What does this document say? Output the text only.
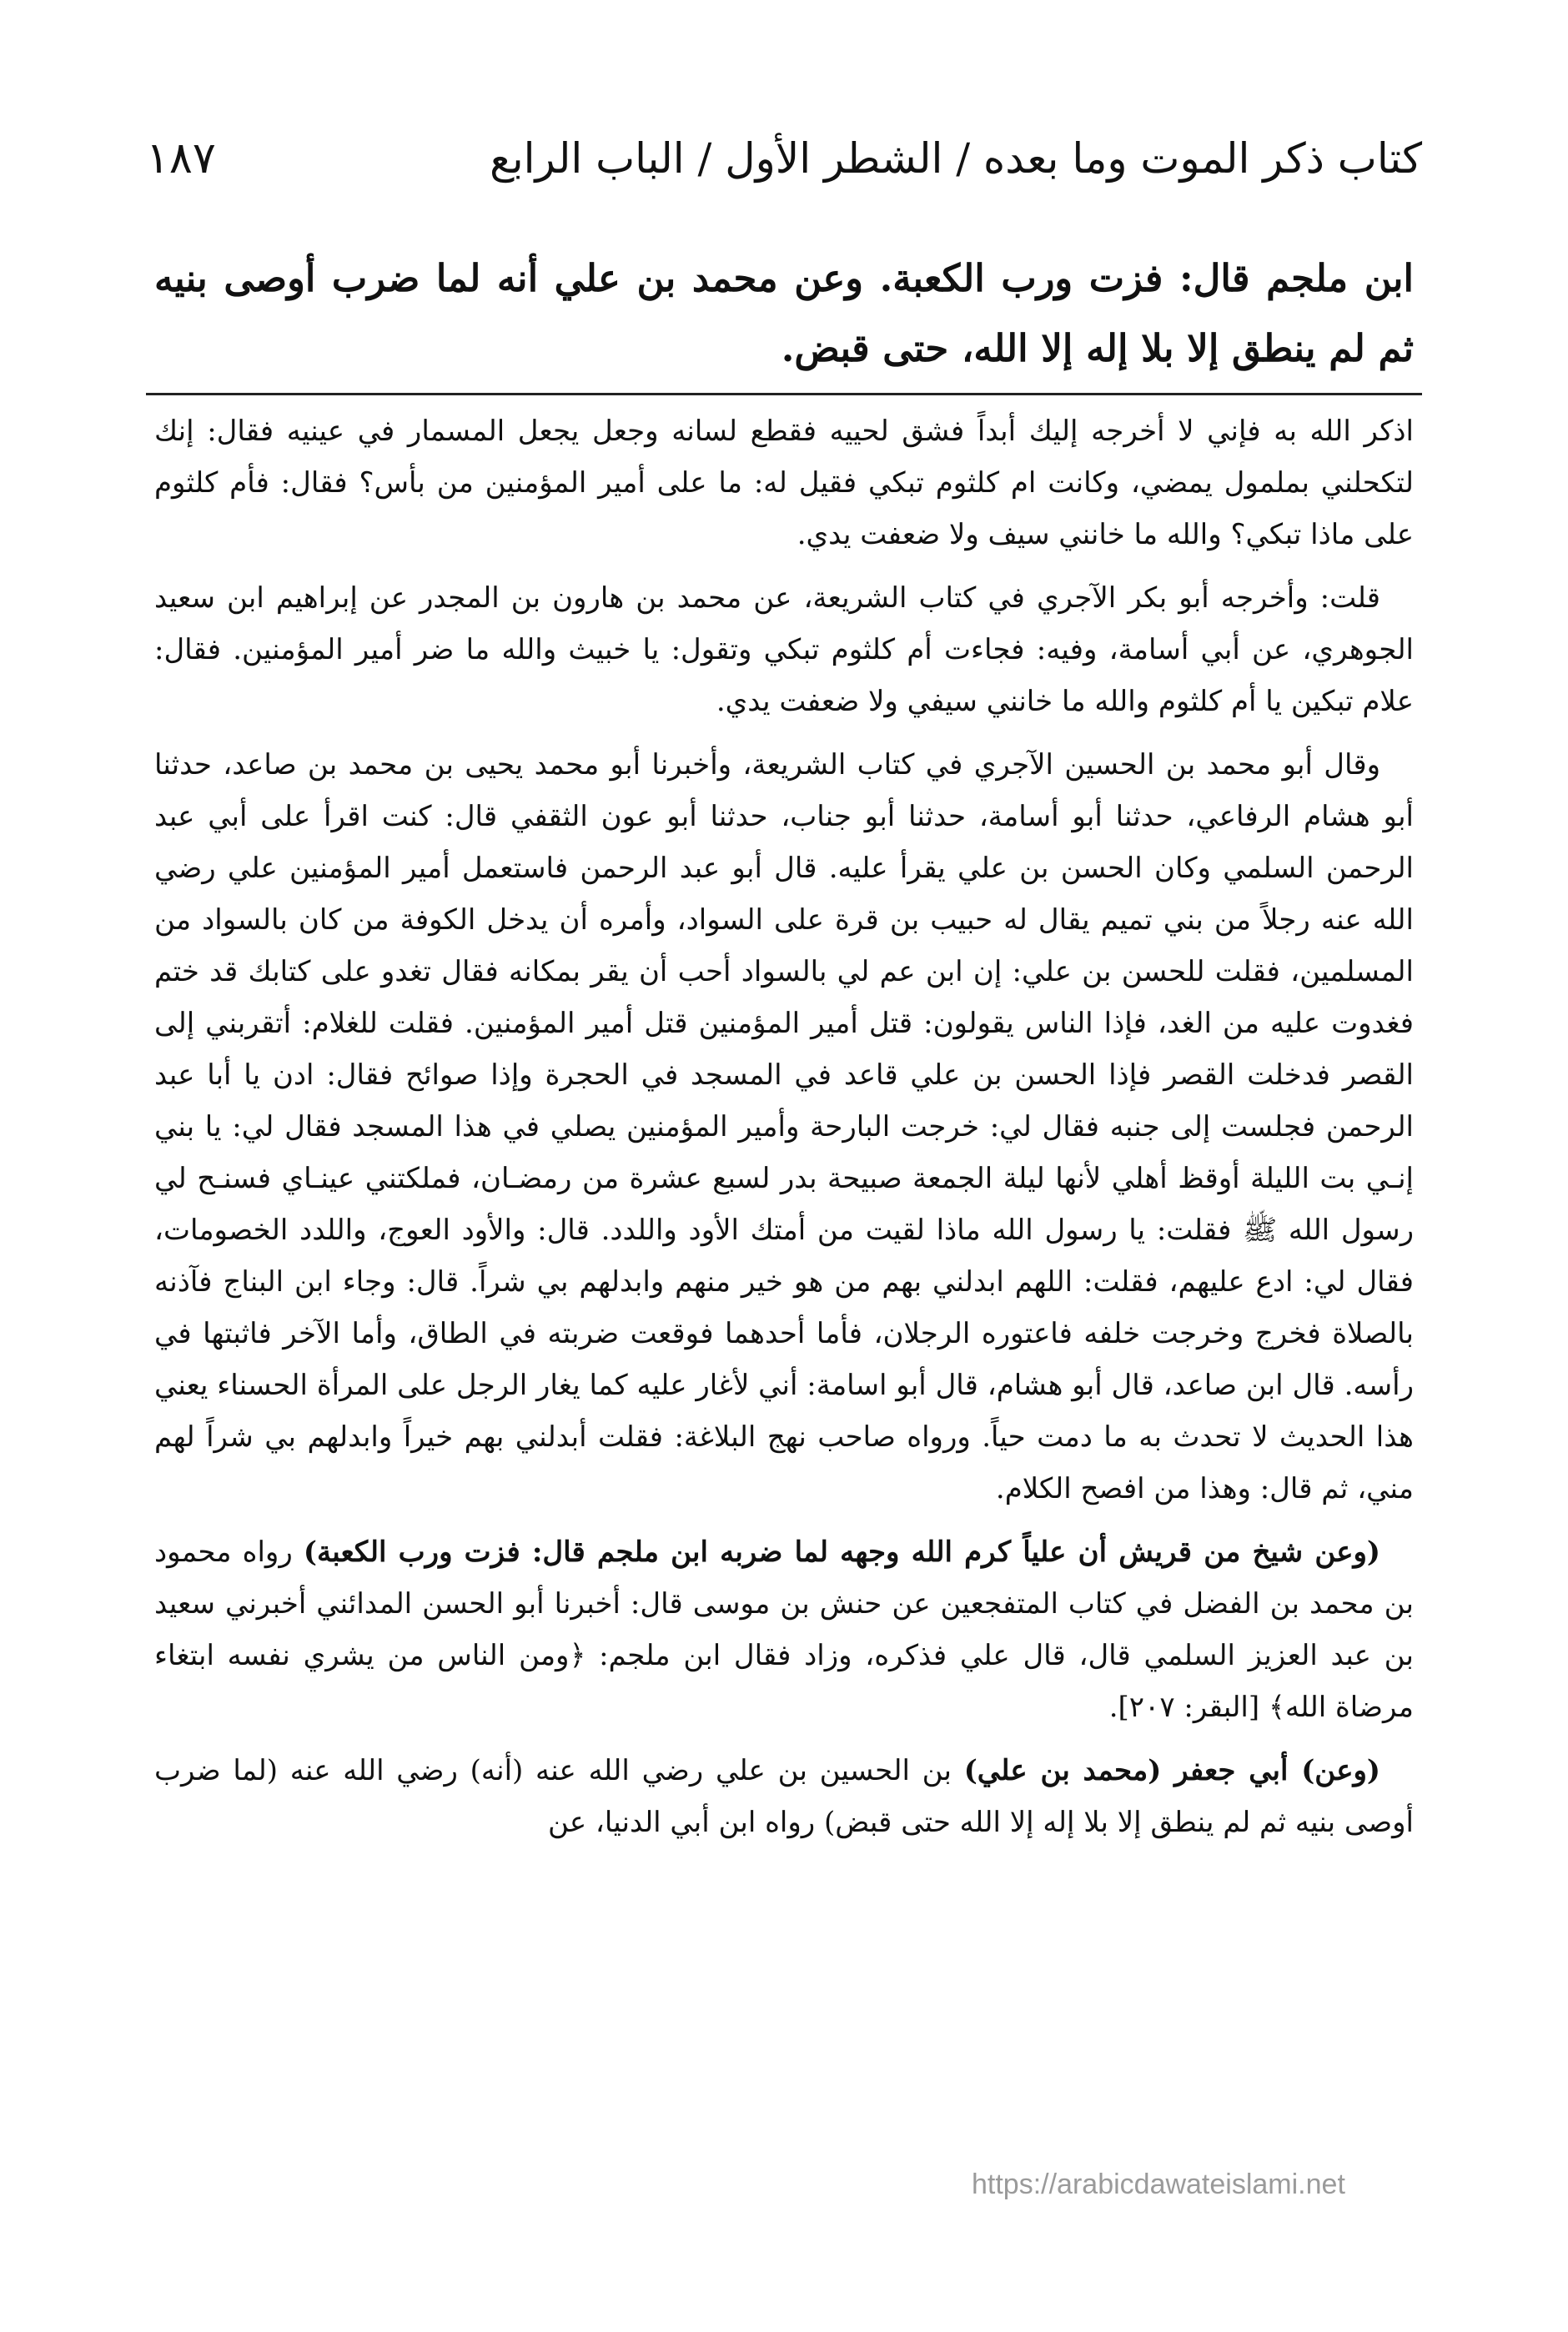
كتاب ذكر الموت وما بعده / الشطر الأول / الباب الرابع
١٨٧

ابن ملجم قال: فزت ورب الكعبة. وعن محمد بن علي أنه لما ضرب أوصى بنيه ثم لم ينطق إلا بلا إله إلا الله، حتى قبض.

اذكر الله به فإني لا أخرجه إليك أبداً فشق لحييه فقطع لسانه وجعل يجعل المسمار في عينيه فقال: إنك لتكحلني بملمول يمضي، وكانت ام كلثوم تبكي فقيل له: ما على أمير المؤمنين من بأس؟ فقال: فأم كلثوم على ماذا تبكي؟ والله ما خانني سيف ولا ضعفت يدي.

قلت: وأخرجه أبو بكر الآجري في كتاب الشريعة، عن محمد بن هارون بن المجدر عن إبراهيم ابن سعيد الجوهري، عن أبي أسامة، وفيه: فجاءت أم كلثوم تبكي وتقول: يا خبيث والله ما ضر أمير المؤمنين. فقال: علام تبكين يا أم كلثوم والله ما خانني سيفي ولا ضعفت يدي.

وقال أبو محمد بن الحسين الآجري في كتاب الشريعة، وأخبرنا أبو محمد يحيى بن محمد بن صاعد، حدثنا أبو هشام الرفاعي، حدثنا أبو أسامة، حدثنا أبو جناب، حدثنا أبو عون الثقفي قال: كنت اقرأ على أبي عبد الرحمن السلمي وكان الحسن بن علي يقرأ عليه. قال أبو عبد الرحمن فاستعمل أمير المؤمنين علي رضي الله عنه رجلاً من بني تميم يقال له حبيب بن قرة على السواد، وأمره أن يدخل الكوفة من كان بالسواد من المسلمين، فقلت للحسن بن علي: إن ابن عم لي بالسواد أحب أن يقر بمكانه فقال تغدو على كتابك قد ختم فغدوت عليه من الغد، فإذا الناس يقولون: قتل أمير المؤمنين قتل أمير المؤمنين. فقلت للغلام: أتقربني إلى القصر فدخلت القصر فإذا الحسن بن علي قاعد في المسجد في الحجرة وإذا صوائح فقال: ادن يا أبا عبد الرحمن فجلست إلى جنبه فقال لي: خرجت البارحة وأمير المؤمنين يصلي في هذا المسجد فقال لي: يا بني إنـي بت الليلة أوقظ أهلي لأنها ليلة الجمعة صبيحة بدر لسبع عشرة من رمضـان، فملكتني عينـاي فسنـح لي رسول الله ﷺ فقلت: يا رسول الله ماذا لقيت من أمتك الأود واللدد. قال: والأود العوج، واللدد الخصومات، فقال لي: ادع عليهم، فقلت: اللهم ابدلني بهم من هو خير منهم وابدلهم بي شراً. قال: وجاء ابن البناج فآذنه بالصلاة فخرج وخرجت خلفه فاعتوره الرجلان، فأما أحدهما فوقعت ضربته في الطاق، وأما الآخر فاثبتها في رأسه. قال ابن صاعد، قال أبو هشام، قال أبو اسامة: أني لأغار عليه كما يغار الرجل على المرأة الحسناء يعني هذا الحديث لا تحدث به ما دمت حياً. ورواه صاحب نهج البلاغة: فقلت أبدلني بهم خيراً وابدلهم بي شراً لهم مني، ثم قال: وهذا من افصح الكلام.

(وعن شيخ من قريش أن علياً كرم الله وجهه لما ضربه ابن ملجم قال: فزت ورب الكعبة) رواه محمود بن محمد بن الفضل في كتاب المتفجعين عن حنش بن موسى قال: أخبرنا أبو الحسن المدائني أخبرني سعيد بن عبد العزيز السلمي قال، قال علي فذكره، وزاد فقال ابن ملجم: ﴿ومن الناس من يشري نفسه ابتغاء مرضاة الله﴾ [البقر: ٢٠٧].

(وعن) أبي جعفر (محمد بن علي) بن الحسين بن علي رضي الله عنه (أنه) رضي الله عنه (لما ضرب أوصى بنيه ثم لم ينطق إلا بلا إله إلا الله حتى قبض) رواه ابن أبي الدنيا، عن

https://arabicdawateislami.net
